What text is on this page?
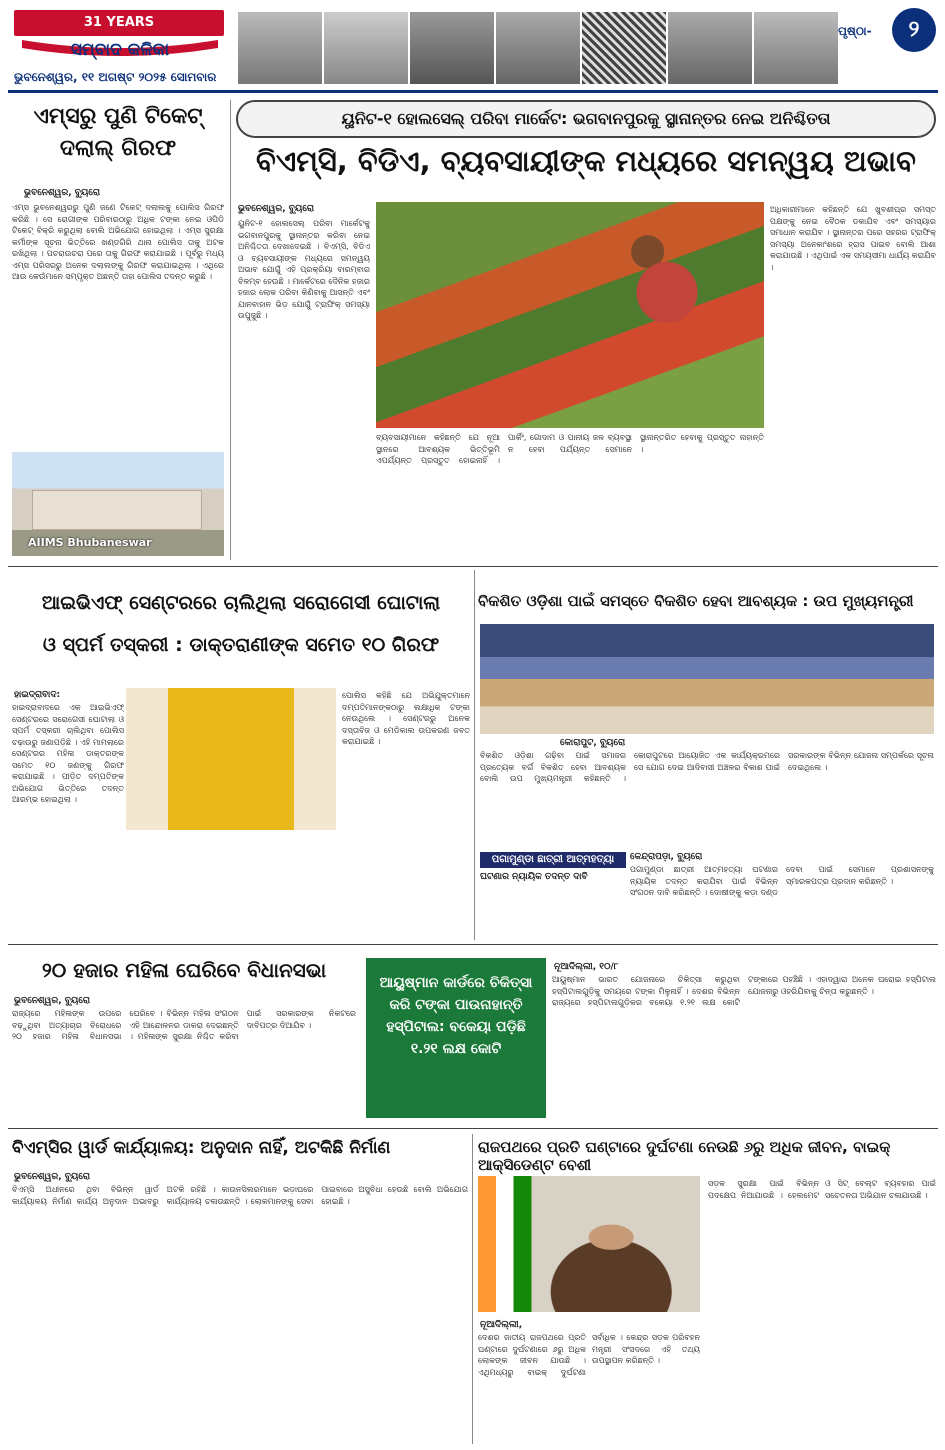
31 YEARS
ସମ୍ବାଦ କଳିକା
ଭୁବନେଶ୍ୱର, ୧୧ ଅଗଷ୍ଟ ୨୦୨୫ ସୋମବାର
ପୃଷ୍ଠା-	୨
ଏମ୍ସରୁ ପୁଣି ଟିକେଟ୍
ଦଲାଲ୍ ଗିରଫ
ଭୁବନେଶ୍ୱର, ବ୍ୟୁରୋ
ଏମ୍ସ ଭୁବନେଶ୍ୱରରୁ ପୁଣି ଜଣେ ଟିକେଟ୍ ଦଲାଲକୁ ପୋଲିସ ଗିରଫ କରିଛି । ସେ ରୋଗୀଙ୍କ ପରିବାରଠାରୁ ଅଧିକ ଟଙ୍କା ନେଇ ଓପିଡି ଟିକେଟ୍ ବିକ୍ରି କରୁଥିଲା ବୋଲି ଅଭିଯୋଗ ହୋଇଥିଲା । ଏମ୍ସ ସୁରକ୍ଷା କର୍ମୀଙ୍କ ସୂଚନା ଭିତ୍ତିରେ ଖଣ୍ଡଗିରି ଥାନା ପୋଲିସ ତାକୁ ଅଟକ ରଖିଥିଲା । ପଚରାଉଚରା ପରେ ତାକୁ ଗିରଫ କରାଯାଇଛି । ପୂର୍ବରୁ ମଧ୍ୟ ଏମ୍ସ ପରିସରରୁ ଅନେକ ଦଲାଲଙ୍କୁ ଗିରଫ କରାଯାଇଥିଲା । ଏଥିରେ ଆଉ କେଉଁମାନେ ସମ୍ପୃକ୍ତ ଅଛନ୍ତି ତାହା ପୋଲିସ ତଦନ୍ତ କରୁଛି ।
AIIMS Bhubaneswar
ୟୁନିଟ-୧ ହୋଲସେଲ୍ ପରିବା ମାର୍କେଟ: ଭଗବାନପୁରକୁ ସ୍ଥାନାନ୍ତର ନେଇ ଅନିଶ୍ଚିତତା
ବିଏମ୍‌ସି, ବିଡିଏ, ବ୍ୟବସାୟୀଙ୍କ ମଧ୍ୟରେ ସମନ୍ୱୟ ଅଭାବ
ଭୁବନେଶ୍ୱର, ବ୍ୟୁରୋ
ୟୁନିଟ-୧ ହୋଲସେଲ୍ ପରିବା ମାର୍କେଟକୁ ଭଗବାନପୁରକୁ ସ୍ଥାନାନ୍ତର କରିବା ନେଇ ଅନିଶ୍ଚିତତା ଦେଖାଦେଇଛି । ବିଏମ୍‌ସି, ବିଡିଏ ଓ ବ୍ୟବସାୟୀଙ୍କ ମଧ୍ୟରେ ସମନ୍ୱୟ ଅଭାବ ଯୋଗୁଁ ଏହି ପ୍ରକ୍ରିୟା ବାରମ୍ବାର ବିଳମ୍ବ ହେଉଛି । ମାର୍କେଟରେ ଦୈନିକ ହଜାର ହଜାର ଲୋକ ପରିବା କିଣିବାକୁ ଆସନ୍ତି ଏବଂ ଯାନବାହାନ ଭିଡ଼ ଯୋଗୁଁ ଟ୍ରାଫିକ୍ ସମସ୍ୟା ଉପୁଜୁଛି ।
ବ୍ୟବସାୟୀମାନେ କହିଛନ୍ତି ଯେ ନୂଆ ସ୍ଥାନରେ ଆବଶ୍ୟକ ଭିତ୍ତିଭୂମି ଏପର୍ଯ୍ୟନ୍ତ ପ୍ରସ୍ତୁତ ହୋଇନାହିଁ । ପାର୍କିଂ, ଗୋଦାମ ଓ ପାନୀୟ ଜଳ ବ୍ୟବସ୍ଥା ନ ହେବା ପର୍ଯ୍ୟନ୍ତ ସେମାନେ ସ୍ଥାନାନ୍ତରିତ ହେବାକୁ ପ୍ରସ୍ତୁତ ନାହାନ୍ତି ।
ଅଧିକାରୀମାନେ କହିଛନ୍ତି ଯେ ଖୁବଶୀଘ୍ର ସମସ୍ତ ପକ୍ଷଙ୍କୁ ନେଇ ବୈଠକ ଡକାଯିବ ଏବଂ ସମସ୍ୟାର ସମାଧାନ କରାଯିବ । ସ୍ଥାନାନ୍ତର ପରେ ସହରର ଟ୍ରାଫିକ୍ ସମସ୍ୟା ଅନେକାଂଶରେ ହ୍ରାସ ପାଇବ ବୋଲି ଆଶା କରାଯାଉଛି । ଏଥିପାଇଁ ଏକ ସମୟସୀମା ଧାର୍ଯ୍ୟ କରାଯିବ ।
ଆଇଭିଏଫ୍ ସେଣ୍ଟରରେ ଚାଲିଥିଲା ସରୋଗେସୀ ଘୋଟାଲା
ଓ ସ୍ପର୍ମ ତସ୍କରୀ : ଡାକ୍ତରାଣୀଙ୍କ ସମେତ ୧୦ ଗିରଫ
ହାଇଦ୍ରାବାଦ:
ହାଇଦ୍ରାବାଦରେ ଏକ ଆଇଭିଏଫ୍ ସେଣ୍ଟରରେ ସରୋଗେସୀ ଘୋଟାଲା ଓ ସ୍ପର୍ମ ତସ୍କରୀ ଚାଲିଥିବା ପୋଲିସ ଚଢ଼ାଉରୁ ଜଣାପଡ଼ିଛି । ଏହି ମାମଲାରେ ସେଣ୍ଟରର ମହିଳା ଡାକ୍ତରଙ୍କ ସମେତ ୧୦ ଜଣଙ୍କୁ ଗିରଫ କରାଯାଇଛି । ପୀଡ଼ିତ ଦମ୍ପତିଙ୍କ ଅଭିଯୋଗ ଭିତ୍ତିରେ ତଦନ୍ତ ଆରମ୍ଭ ହୋଇଥିଲା ।
ପୋଲିସ କହିଛି ଯେ ଅଭିଯୁକ୍ତମାନେ ଦମ୍ପତିମାନଙ୍କଠାରୁ ଲକ୍ଷାଧିକ ଟଙ୍କା ନେଉଥିଲେ । ସେଣ୍ଟରରୁ ଅନେକ ଦସ୍ତାବିଜ ଓ ମେଡିକାଲ ଉପକରଣ ଜବତ କରାଯାଇଛି ।
ବିକଶିତ ଓଡ଼ିଶା ପାଇଁ ସମସ୍ତେ ବିକଶିତ ହେବା ଆବଶ୍ୟକ : ଉପ ମୁଖ୍ୟମନ୍ତ୍ରୀ
କୋରାପୁଟ, ବ୍ୟୁରୋ
ବିକଶିତ ଓଡ଼ିଶା ଗଢ଼ିବା ପାଇଁ ସମାଜର ପ୍ରତ୍ୟେକ ବର୍ଗ ବିକଶିତ ହେବା ଆବଶ୍ୟକ ବୋଲି ଉପ ମୁଖ୍ୟମନ୍ତ୍ରୀ କହିଛନ୍ତି । କୋରାପୁଟରେ ଆୟୋଜିତ ଏକ କାର୍ଯ୍ୟକ୍ରମରେ ସେ ଯୋଗ ଦେଇ ଆଦିବାସୀ ଅଞ୍ଚଳର ବିକାଶ ପାଇଁ ସରକାରଙ୍କ ବିଭିନ୍ନ ଯୋଜନା ସମ୍ପର୍କରେ ସୂଚନା ଦେଇଥିଲେ ।
ପଗାମୁଣ୍ଡା ଛାତ୍ରୀ ଆତ୍ମହତ୍ୟା
ଘଟଣାର ନ୍ୟାୟିକ ତଦନ୍ତ ଦାବି
କେନ୍ଦ୍ରାପଡ଼ା, ବ୍ୟୁରୋ
ପଗାମୁଣ୍ଡା ଛାତ୍ରୀ ଆତ୍ମହତ୍ୟା ଘଟଣାର ନ୍ୟାୟିକ ତଦନ୍ତ କରାଯିବା ପାଇଁ ବିଭିନ୍ନ ସଂଗଠନ ଦାବି କରିଛନ୍ତି । ଦୋଷୀଙ୍କୁ କଡ଼ା ଦଣ୍ଡ ଦେବା ପାଇଁ ସେମାନେ ପ୍ରଶାସନଙ୍କୁ ସ୍ମାରକପତ୍ର ପ୍ରଦାନ କରିଛନ୍ତି ।
୨୦ ହଜାର ମହିଳା ଘେରିବେ ବିଧାନସଭା
ଭୁବନେଶ୍ୱର, ବ୍ୟୁରୋ
ରାଜ୍ୟରେ ମହିଳାଙ୍କ ଉପରେ ବଢ଼ୁଥିବା ଅତ୍ୟାଚାର ବିରୋଧରେ ୨୦ ହଜାର ମହିଳା ବିଧାନସଭା ଘେରିବେ । ବିଭିନ୍ନ ମହିଳା ସଂଗଠନ ଏହି ଆନ୍ଦୋଳନର ଡାକରା ଦେଇଛନ୍ତି । ମହିଳାଙ୍କ ସୁରକ୍ଷା ନିଶ୍ଚିତ କରିବା ପାଇଁ ସରକାରଙ୍କ ନିକଟରେ ଦାବିପତ୍ର ଦିଆଯିବ ।
ଆୟୁଷ୍ମାନ କାର୍ଡରେ ଚିକିତ୍ସା କରି ଟଙ୍କା ପାଉନାହାନ୍ତି ହସ୍ପିଟାଲ: ବକେୟା ପଡ଼ିଛି ୧.୨୧ ଲକ୍ଷ କୋଟି
ନୂଆଦିଲ୍ଲୀ, ୧୦/୮
ଆୟୁଷ୍ମାନ ଭାରତ ଯୋଜନାରେ ଚିକିତ୍ସା କରୁଥିବା ହସ୍ପିଟାଲଗୁଡ଼ିକୁ ସମୟରେ ଟଙ୍କା ମିଳୁନାହିଁ । ଦେଶର ବିଭିନ୍ନ ରାଜ୍ୟରେ ହସ୍ପିଟାଲଗୁଡ଼ିକର ବକେୟା ୧.୨୧ ଲକ୍ଷ କୋଟି ଟଙ୍କାରେ ପହଞ୍ଚିଛି । ଏହାଦ୍ୱାରା ଅନେକ ଘରୋଇ ହସ୍ପିଟାଲ ଯୋଜନାରୁ ଓହରିଯିବାକୁ ଚିନ୍ତା କରୁଛନ୍ତି ।
ବିଏମ୍‌ସିର ୱାର୍ଡ କାର୍ଯ୍ୟାଳୟ: ଅନୁଦାନ ନାହିଁ, ଅଟକିଛି ନିର୍ମାଣ
ଭୁବନେଶ୍ୱର, ବ୍ୟୁରୋ
ବିଏମ୍‌ସି ଅଧୀନରେ ଥିବା ବିଭିନ୍ନ ୱାର୍ଡ କାର୍ଯ୍ୟାଳୟ ନିର୍ମାଣ କାର୍ଯ୍ୟ ଅନୁଦାନ ଅଭାବରୁ ଅଟକି ରହିଛି । କାଉନସିଲରମାନେ ଭଡ଼ାଘରେ କାର୍ଯ୍ୟାଳୟ ଚଳାଉଛନ୍ତି । ଲୋକମାନଙ୍କୁ ସେବା ପାଇବାରେ ଅସୁବିଧା ହେଉଛି ବୋଲି ଅଭିଯୋଗ ହୋଇଛି ।
ରାଜପଥରେ ପ୍ରତି ଘଣ୍ଟାରେ ଦୁର୍ଘଟଣା ନେଉଛି ୬ରୁ ଅଧିକ ଜୀବନ, ବାଇକ୍ ଆକ୍ସିଡେଣ୍ଟ ବେଶୀ
ନୂଆଦିଲ୍ଲୀ,
ଦେଶର ଜାତୀୟ ରାଜପଥରେ ପ୍ରତି ଘଣ୍ଟାରେ ଦୁର୍ଘଟଣାରେ ୬ରୁ ଅଧିକ ଲୋକଙ୍କ ଜୀବନ ଯାଉଛି । ଏଥିମଧ୍ୟରୁ ବାଇକ୍ ଦୁର୍ଘଟଣା ସର୍ବାଧିକ । କେନ୍ଦ୍ର ସଡ଼କ ପରିବହନ ମନ୍ତ୍ରୀ ସଂସଦରେ ଏହି ତଥ୍ୟ ଉପସ୍ଥାପନ କରିଛନ୍ତି ।
ସଡ଼କ ସୁରକ୍ଷା ପାଇଁ ବିଭିନ୍ନ ପଦକ୍ଷେପ ନିଆଯାଉଛି । ହେଲମେଟ ଓ ସିଟ୍ ବେଲ୍ଟ ବ୍ୟବହାର ପାଇଁ ସଚେତନତା ଅଭିଯାନ ଚଳାଯାଉଛି ।
